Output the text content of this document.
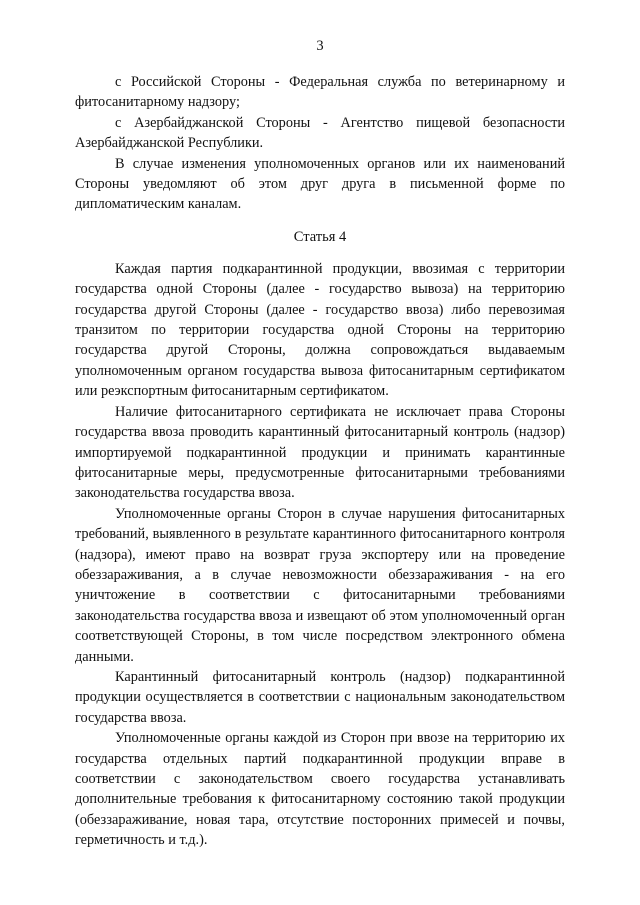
3

с Российской Стороны - Федеральная служба по ветеринарному и фитосанитарному надзору;

с Азербайджанской Стороны - Агентство пищевой безопасности Азербайджанской Республики.

В случае изменения уполномоченных органов или их наименований Стороны уведомляют об этом друг друга в письменной форме по дипломатическим каналам.

Статья 4

Каждая партия подкарантинной продукции, ввозимая с территории государства одной Стороны (далее - государство вывоза) на территорию государства другой Стороны (далее - государство ввоза) либо перевозимая транзитом по территории государства одной Стороны на территорию государства другой Стороны, должна сопровождаться выдаваемым уполномоченным органом государства вывоза фитосанитарным сертификатом или реэкспортным фитосанитарным сертификатом.

Наличие фитосанитарного сертификата не исключает права Стороны государства ввоза проводить карантинный фитосанитарный контроль (надзор) импортируемой подкарантинной продукции и принимать карантинные фитосанитарные меры, предусмотренные фитосанитарными требованиями законодательства государства ввоза.

Уполномоченные органы Сторон в случае нарушения фитосанитарных требований, выявленного в результате карантинного фитосанитарного контроля (надзора), имеют право на возврат груза экспортеру или на проведение обеззараживания, а в случае невозможности обеззараживания - на его уничтожение в соответствии с фитосанитарными требованиями законодательства государства ввоза и извещают об этом уполномоченный орган соответствующей Стороны, в том числе посредством электронного обмена данными.

Карантинный фитосанитарный контроль (надзор) подкарантинной продукции осуществляется в соответствии с национальным законодательством государства ввоза.

Уполномоченные органы каждой из Сторон при ввозе на территорию их государства отдельных партий подкарантинной продукции вправе в соответствии с законодательством своего государства устанавливать дополнительные требования к фитосанитарному состоянию такой продукции (обеззараживание, новая тара, отсутствие посторонних примесей и почвы, герметичность и т.д.).
